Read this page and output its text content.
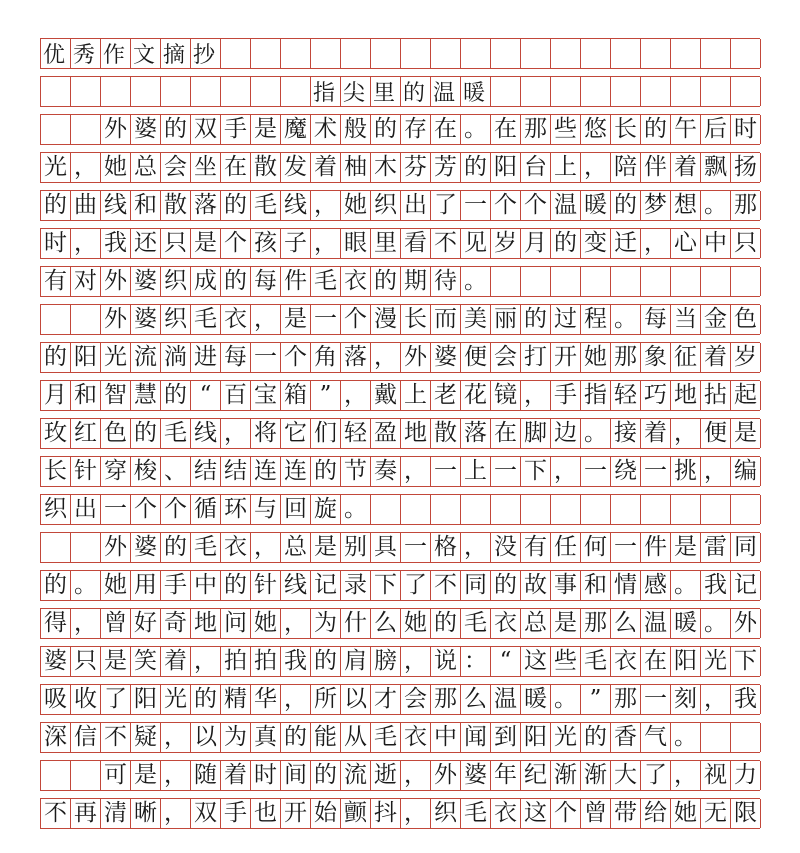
优秀作文摘抄
指尖里的温暖
外 婆 的 双 手 是 魔 术 般 的 存 在 。 在 那 些 悠 长 的 午 后 时
光 ， 她 总 会 坐 在 散 发 着 柚 木 芬 芳 的 阳 台 上 ， 陪 伴 着 飘 扬
的 曲 线 和 散 落 的 毛 线 ， 她 织 出 了 一 个 个 温 暖 的 梦 想 。 那
时 ， 我 还 只 是 个 孩 子 ， 眼 里 看 不 见 岁 月 的 变 迁 ， 心 中 只
有 对 外 婆 织 成 的 每 件 毛 衣 的 期 待 。
外 婆 织 毛 衣 ， 是 一 个 漫 长 而 美 丽 的 过 程 。 每 当 金 色
的 阳 光 流 淌 进 每 一 个 角 落 ， 外 婆 便 会 打 开 她 那 象 征 着 岁
月 和 智 慧 的 “ 百 宝 箱 ” ， 戴 上 老 花 镜 ， 手 指 轻 巧 地 拈 起
玫 红 色 的 毛 线 ， 将 它 们 轻 盈 地 散 落 在 脚 边 。 接 着 ， 便 是
长 针 穿 梭 、 结 结 连 连 的 节 奏 ， 一 上 一 下 ， 一 绕 一 挑 ， 编
织 出 一 个 个 循 环 与 回 旋 。
外 婆 的 毛 衣 ， 总 是 别 具 一 格 ， 没 有 任 何 一 件 是 雷 同
的 。 她 用 手 中 的 针 线 记 录 下 了 不 同 的 故 事 和 情 感 。 我 记
得 ， 曾 好 奇 地 问 她 ， 为 什 么 她 的 毛 衣 总 是 那 么 温 暖 。 外
婆 只 是 笑 着 ， 拍 拍 我 的 肩 膀 ， 说 ： “ 这 些 毛 衣 在 阳 光 下
吸 收 了 阳 光 的 精 华 ， 所 以 才 会 那 么 温 暖 。 ” 那 一 刻 ， 我
深 信 不 疑 ， 以 为 真 的 能 从 毛 衣 中 闻 到 阳 光 的 香 气 。
可 是 ， 随 着 时 间 的 流 逝 ， 外 婆 年 纪 渐 渐 大 了 ， 视 力
不 再 清 晰 ， 双 手 也 开 始 颤 抖 ， 织 毛 衣 这 个 曾 带 给 她 无 限
